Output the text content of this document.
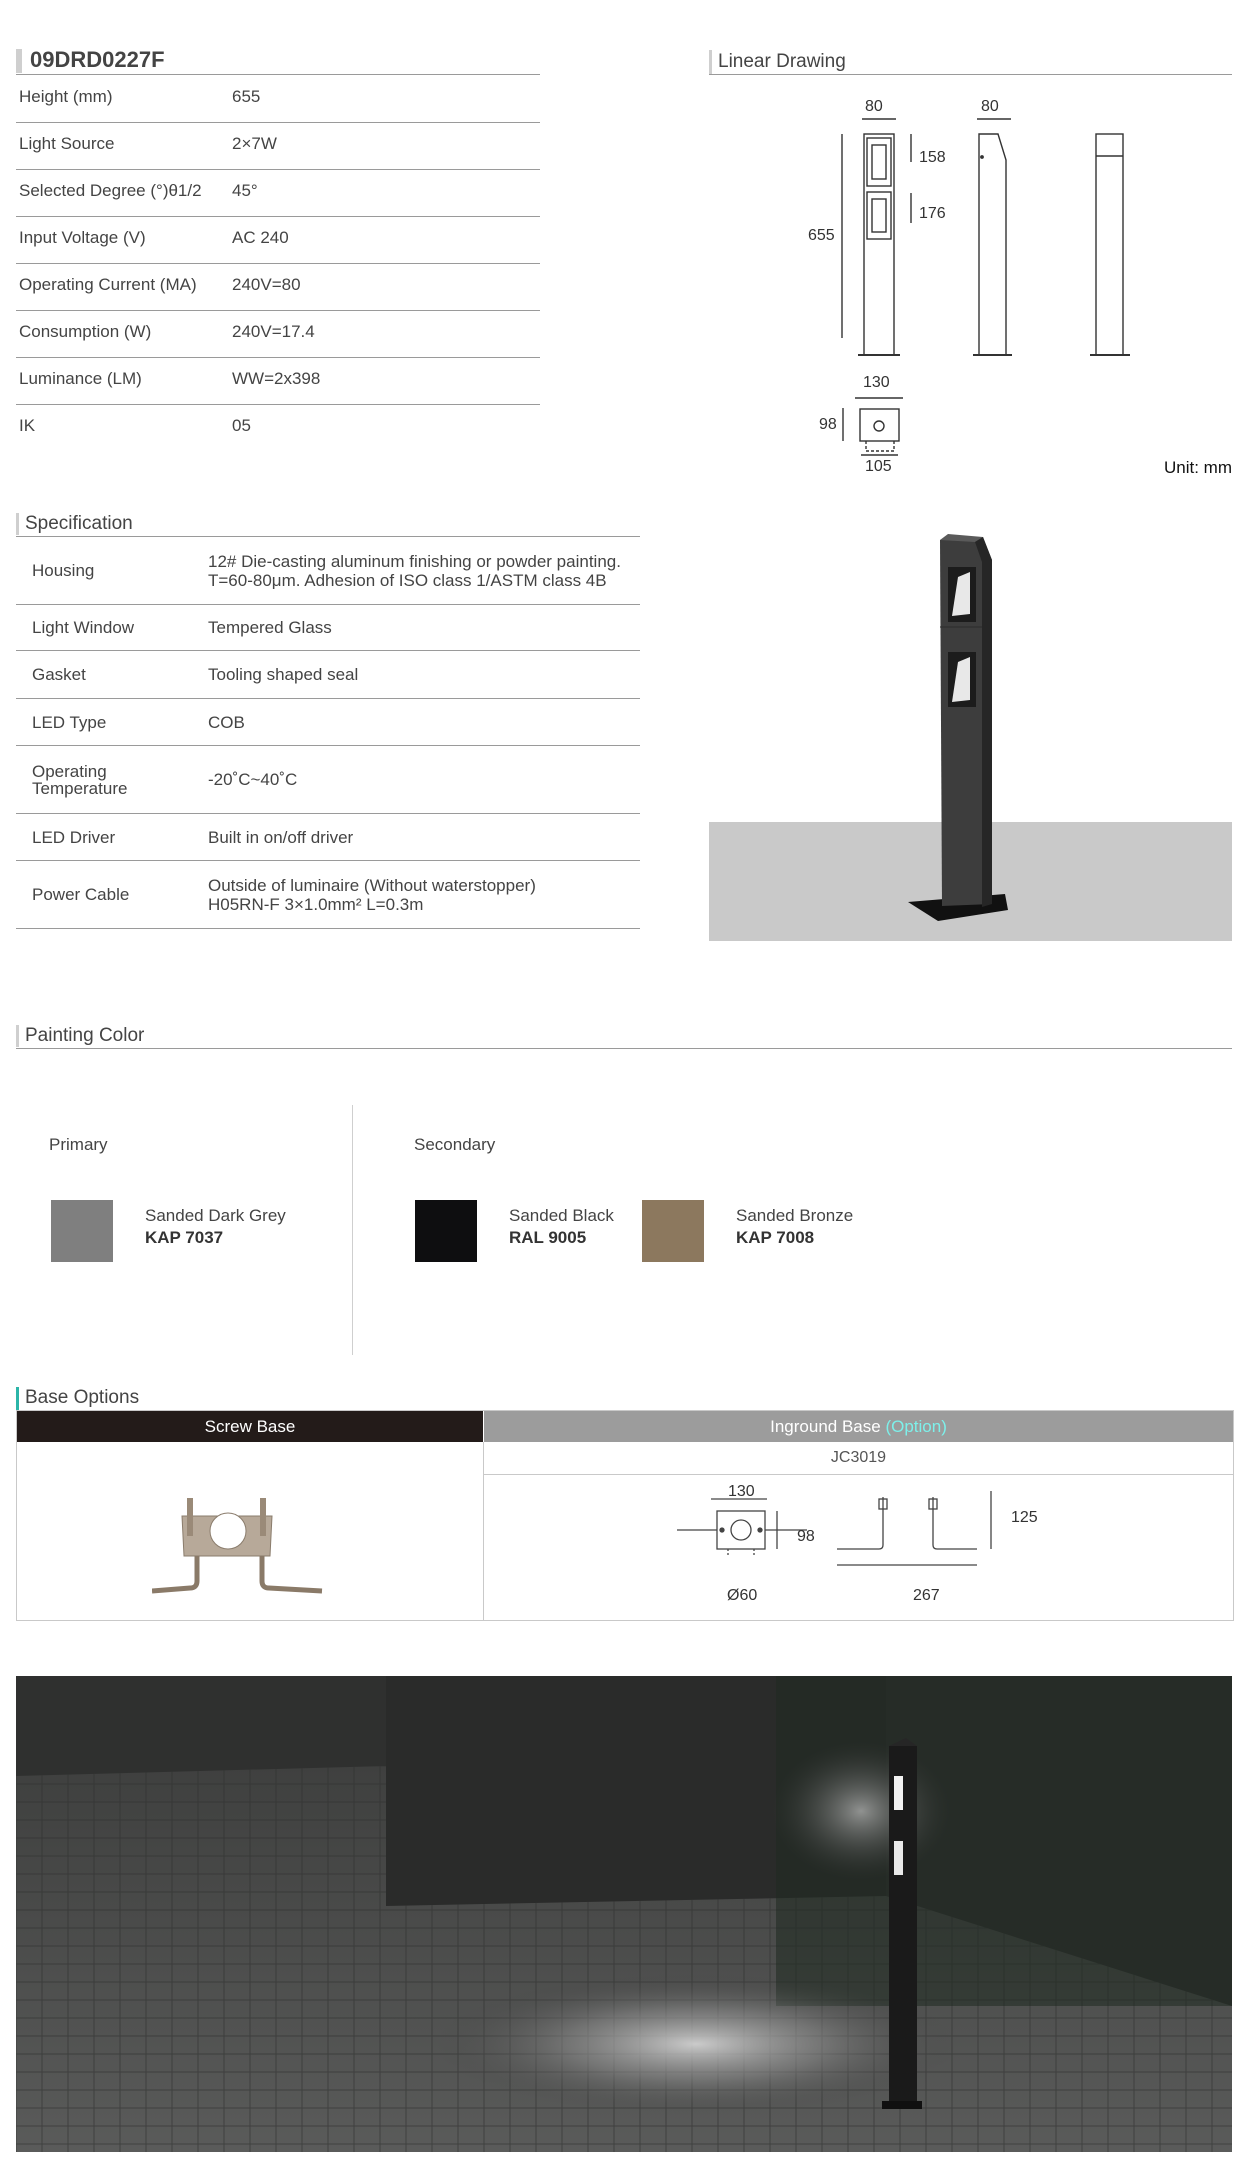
09DRD0227F
Height (mm)	655
Light Source	2×7W
Selected Degree (°)θ1/2 45°
Input Voltage (V)	AC 240
Operating Current (MA) 240V=80
Consumption (W)	240V=17.4
Luminance (LM)	WW=2x398
IK	05
Linear Drawing
80	80
655
158
176
130
98
105	Unit: mm
Specification
Housing	12# Die-casting aluminum finishing or powder painting.
T=60-80μm. Adhesion of ISO class 1/ASTM class 4B
Light Window	Tempered Glass
Gasket	Tooling shaped seal
LED Type	COB
Operating
Temperature	-20˚C~40˚C
LED Driver	Built in on/off driver
Power Cable	Outside of luminaire (Without waterstopper)
H05RN-F 3×1.0mm² L=0.3m
Painting Color
Primary	Secondary
Sanded Dark Grey
KAP 7037
Sanded Black
RAL 9005
Sanded Bronze
KAP 7008
Base Options
Screw Base	Inground Base (Option)
JC3019
130
98
Ø60
125
267
